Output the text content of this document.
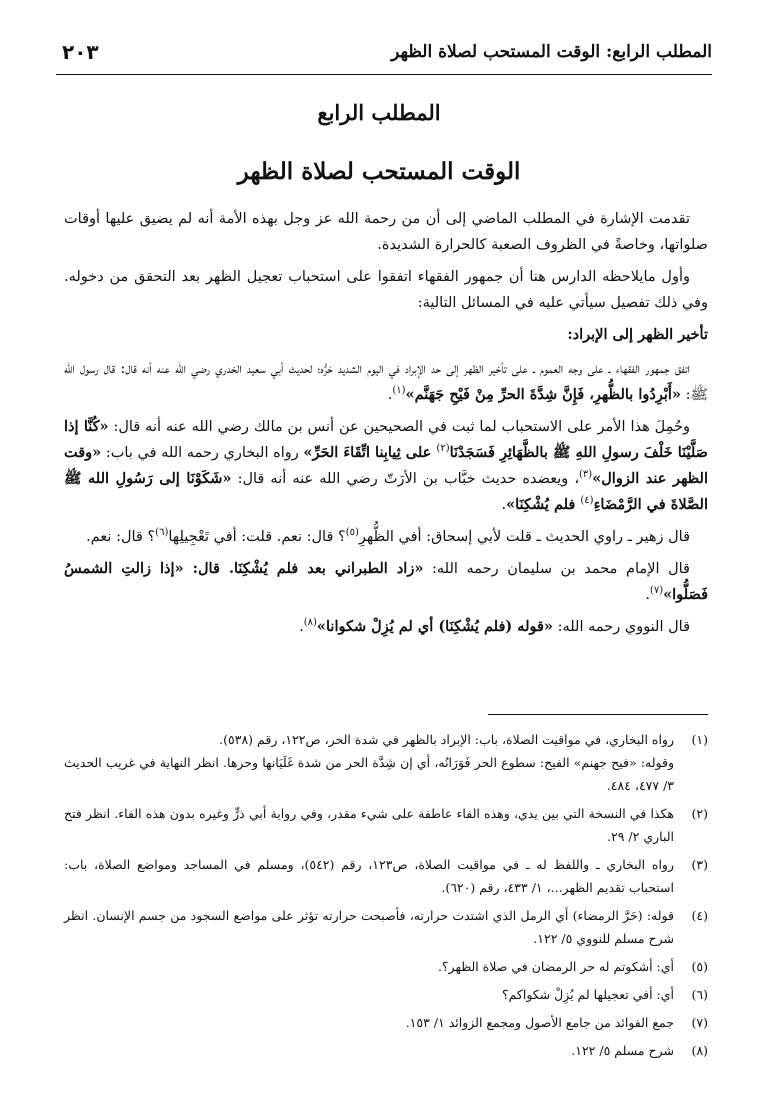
المطلب الرابع: الوقت المستحب لصلاة الظهر
٢٠٣
المطلب الرابع
الوقت المستحب لصلاة الظهر

تقدمت الإشارة في المطلب الماضي إلى أن من رحمة الله عز وجل بهذه الأمة أنه لم يضيق عليها أوقات صلواتها، وخاصةً في الظروف الصعبة كالحرارة الشديدة.

وأول مايلاحظه الدارس هنا أن جمهور الفقهاء اتفقوا على استحباب تعجيل الظهر بعد التحقق من دخوله. وفي ذلك تفصيل سيأتي عليه في المسائل التالية:

تأخير الظهر إلى الإبراد:

اتفق جمهور الفقهاء ـ على وجه العموم ـ على تأخير الظهر إلى حد الإبراد في اليوم الشديد حَرُّه؛ لحديث أبي سعيد الخدري رضي الله عنه أنه قال: قال رسول الله ﷺ: «أَبْرِدُوا بالظُّهرِ، فَإِنَّ شِدَّةَ الحرِّ مِنْ فَيْحِ جَهَنَّم»$^{(١)}$.

وحُمِلَ هذا الأمر على الاستحباب لما ثبت في الصحيحين عن أنس بن مالك رضي الله عنه أنه قال: «كُنَّا إذا صَلَّيْنَا خَلْفَ رسولِ اللهِ ﷺ بالظَّهَائِرِ فَسَجَدْنَا$^{(٢)}$ على ثِيابِنا اتِّقَاءَ الحَرِّ» رواه البخاري رحمه الله في باب: «وقت الظهر عند الزوال»$^{(٣)}$، ويعضده حديث خبَّاب بن الأرَتّ رضي الله عنه أنه قال: «شَكَوْنَا إلى رَسُولِ الله ﷺ الصَّلاةَ في الرَّمْضَاءِ$^{(٤)}$ فلم يُشْكِنَا».

قال زهير ـ راوي الحديث ـ قلت لأبي إسحاق: أفي الظُّهرِ$^{(٥)}$؟ قال: نعم. قلت: أفي تَعْجِيلِها$^{(٦)}$؟ قال: نعم.

قال الإمام محمد بن سليمان رحمه الله: «زاد الطبراني بعد فلم يُشْكِنَا. قال: «إذا زالتِ الشمسُ فَصَلُّوا»$^{(٧)}$.

قال النووي رحمه الله: «قوله (فلم يُشْكِنَا) أي لم يُزِلْ شكوانا»$^{(٨)}$.

(١)
رواه البخاري، في مواقيت الصلاة، باب: الإبراد بالظهر في شدة الحر، ص١٢٢، رقم (٥٣٨).
وقوله: «فيح جهنم» الفيح: سطوع الحر فَوَرَانُه، أي إن شِدَّة الحر من شدة غَلَيَانها وحرها. انظر النهاية في غريب الحديث ٣/ ٤٧٧، ٤٨٤.
(٢)
هكذا في النسخة التي بين يدي، وهذه الفاء عاطفة على شيء مقدر، وفي رواية أبي ذرٍّ وغيره بدون هذه الفاء. انظر فتح الباري ٢/ ٢٩.
(٣)
رواه البخاري ـ واللفظ له ـ في مواقيت الصلاة، ص١٢٣، رقم (٥٤٢)، ومسلم في المساجد ومواضع الصلاة، باب: استحباب تقديم الظهر...، ١/ ٤٣٣، رقم (٦٢٠).
(٤)
قوله: (حَرَّ الرمضاء) أي الرمل الذي اشتدت حرارته، فأصبحت حرارته تؤثر على مواضع السجود من جسم الإنسان. انظر شرح مسلم للنووي ٥/ ١٢٢.
(٥)
أي: أشكوتم له حر الرمضان في صلاة الظهر؟.
(٦)
أي: أفي تعجيلها لم يُزِلْ شكواكم؟
(٧)
جمع الفوائد من جامع الأصول ومجمع الزوائد ١/ ١٥٣.
(٨)
شرح مسلم ٥/ ١٢٢.
